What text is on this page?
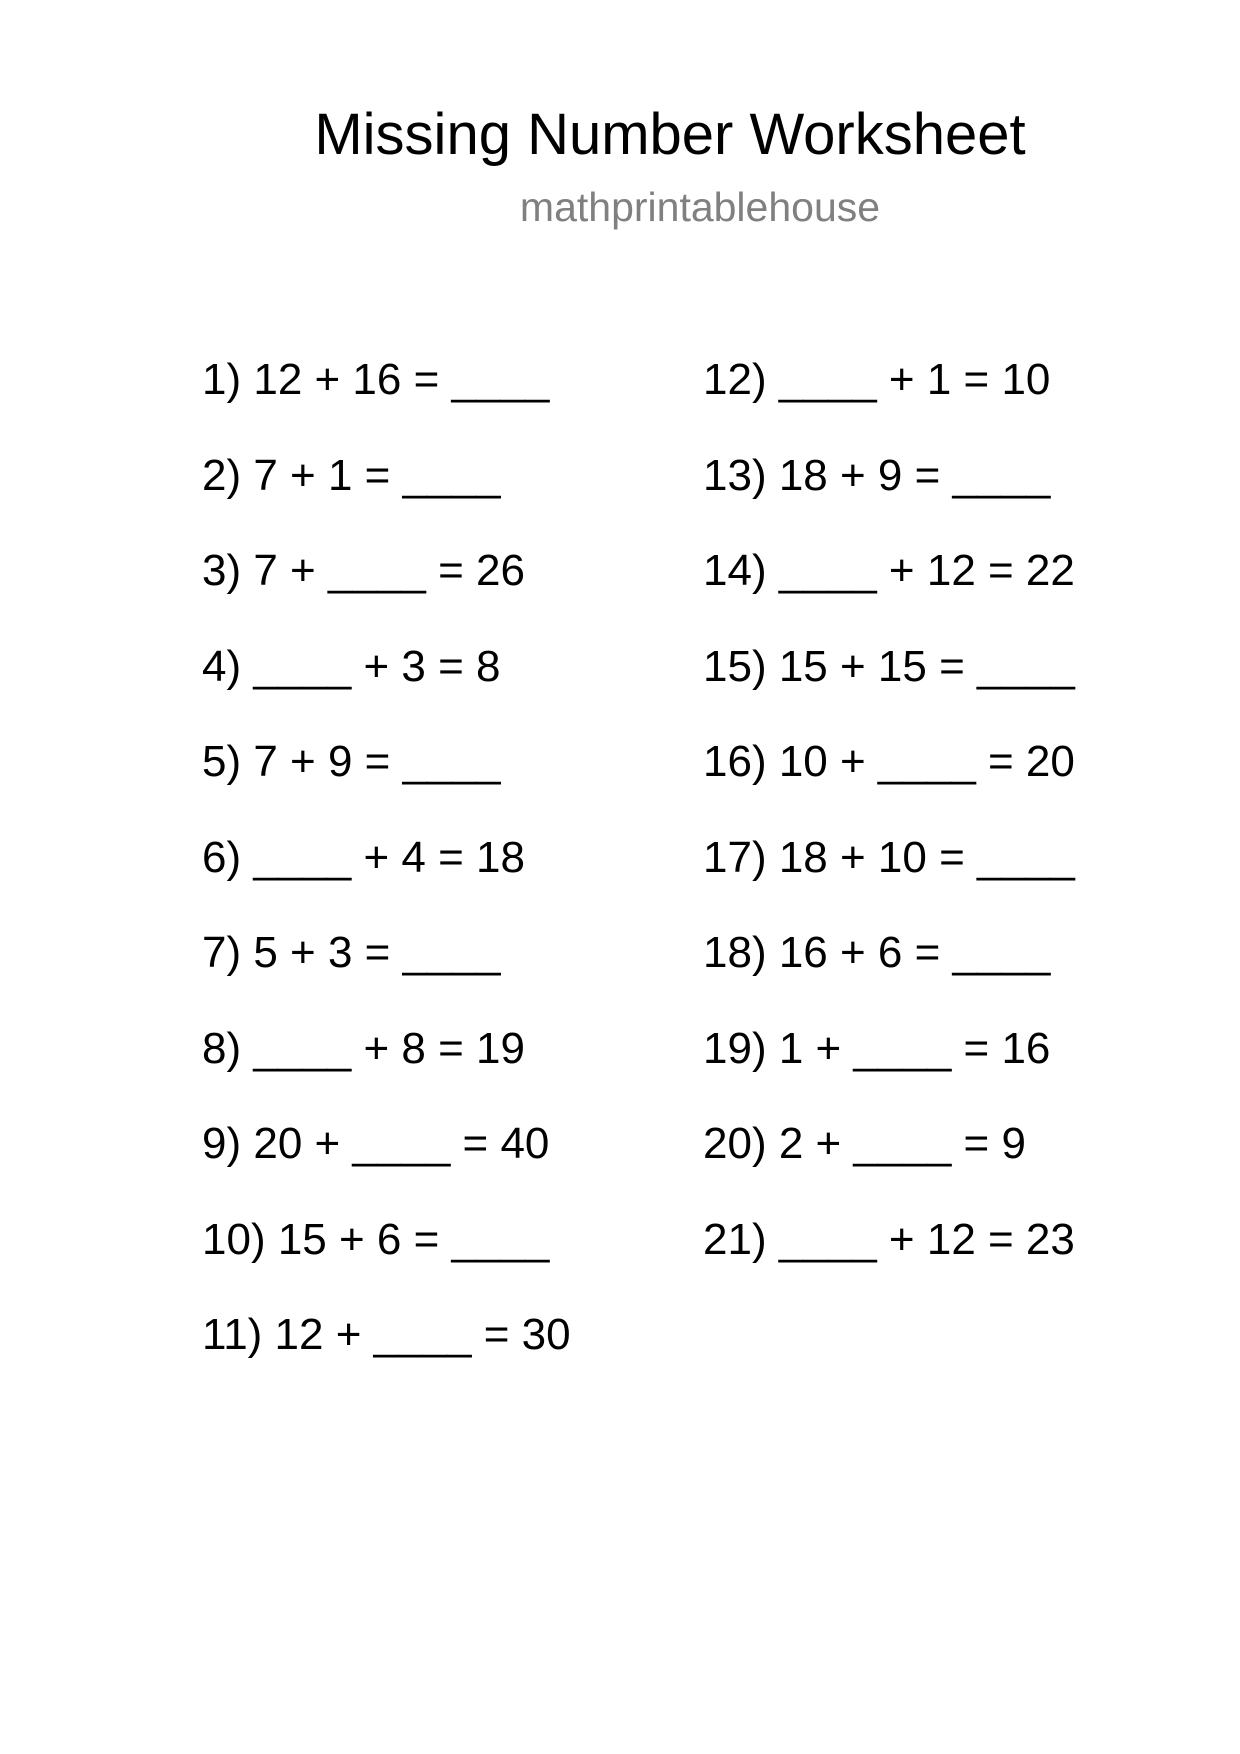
Missing Number Worksheet
mathprintablehouse
1) 12 + 16 = ____
2) 7 + 1 = ____
3) 7 + ____ = 26
4) ____ + 3 = 8
5) 7 + 9 = ____
6) ____ + 4 = 18
7) 5 + 3 = ____
8) ____ + 8 = 19
9) 20 + ____ = 40
10) 15 + 6 = ____
11) 12 + ____ = 30
12) ____ + 1 = 10
13) 18 + 9 = ____
14) ____ + 12 = 22
15) 15 + 15 = ____
16) 10 + ____ = 20
17) 18 + 10 = ____
18) 16 + 6 = ____
19) 1 + ____ = 16
20) 2 + ____ = 9
21) ____ + 12 = 23
